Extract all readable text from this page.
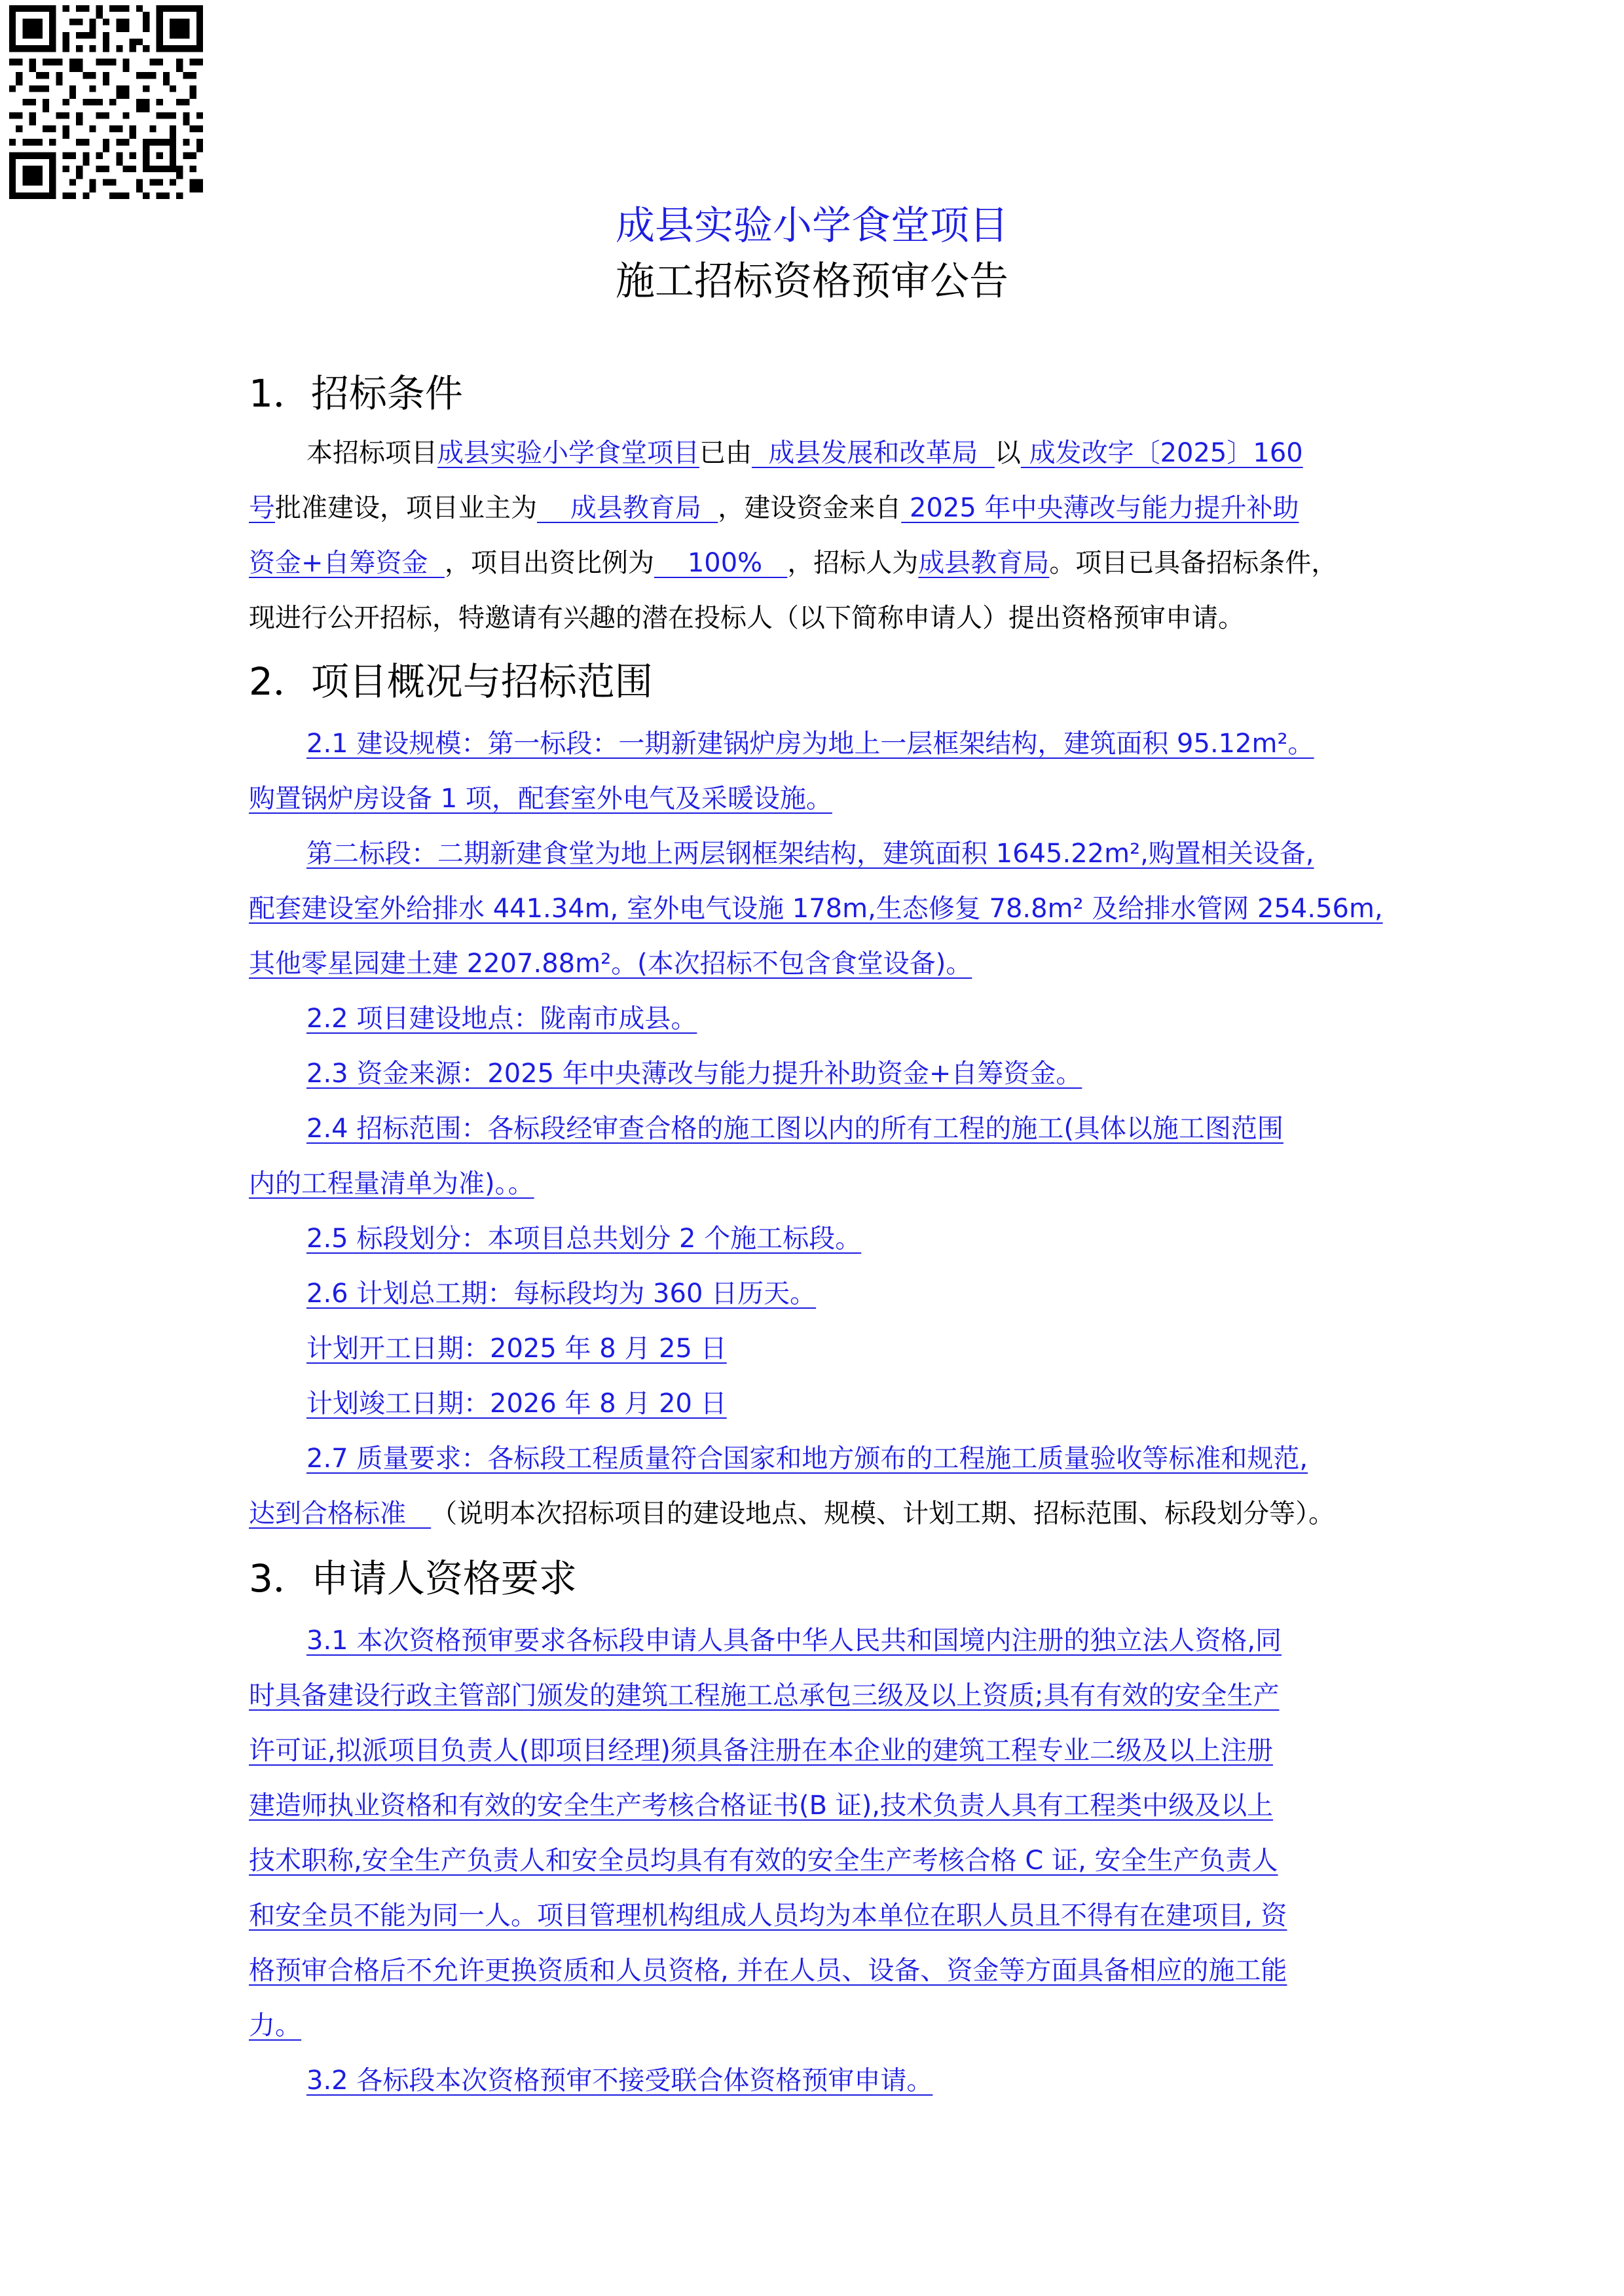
成县实验小学食堂项目
施工招标资格预审公告
1．招标条件
本招标项目成县实验小学食堂项目已由  成县发展和改革局  以 成发改字〔2025〕160
号批准建设，项目业主为    成县教育局  ，建设资金来自 2025 年中央薄改与能力提升补助
资金+自筹资金  ，项目出资比例为    100%   ，招标人为成县教育局。项目已具备招标条件，
现进行公开招标，特邀请有兴趣的潜在投标人（以下简称申请人）提出资格预审申请。
2．项目概况与招标范围
2.1 建设规模：第一标段：一期新建锅炉房为地上一层框架结构，建筑面积 95.12m²。
购置锅炉房设备 1 项，配套室外电气及采暖设施。
第二标段：二期新建食堂为地上两层钢框架结构，建筑面积 1645.22m²,购置相关设备,
配套建设室外给排水 441.34m, 室外电气设施 178m,生态修复 78.8m² 及给排水管网 254.56m,
其他零星园建土建 2207.88m²。(本次招标不包含食堂设备)。
2.2 项目建设地点：陇南市成县。
2.3 资金来源：2025 年中央薄改与能力提升补助资金+自筹资金。
2.4 招标范围：各标段经审查合格的施工图以内的所有工程的施工(具体以施工图范围
内的工程量清单为准)。。
2.5 标段划分：本项目总共划分 2 个施工标段。
2.6 计划总工期：每标段均为 360 日历天。
计划开工日期：2025 年 8 月 25 日
计划竣工日期：2026 年 8 月 20 日
2.7 质量要求：各标段工程质量符合国家和地方颁布的工程施工质量验收等标准和规范,
达到合格标准   （说明本次招标项目的建设地点、规模、计划工期、招标范围、标段划分等）。
3．申请人资格要求
3.1 本次资格预审要求各标段申请人具备中华人民共和国境内注册的独立法人资格,同
时具备建设行政主管部门颁发的建筑工程施工总承包三级及以上资质;具有有效的安全生产
许可证,拟派项目负责人(即项目经理)须具备注册在本企业的建筑工程专业二级及以上注册
建造师执业资格和有效的安全生产考核合格证书(B 证),技术负责人具有工程类中级及以上
技术职称,安全生产负责人和安全员均具有有效的安全生产考核合格 C 证, 安全生产负责人
和安全员不能为同一人。项目管理机构组成人员均为本单位在职人员且不得有在建项目, 资
格预审合格后不允许更换资质和人员资格, 并在人员、设备、资金等方面具备相应的施工能
力。
3.2 各标段本次资格预审不接受联合体资格预审申请。
